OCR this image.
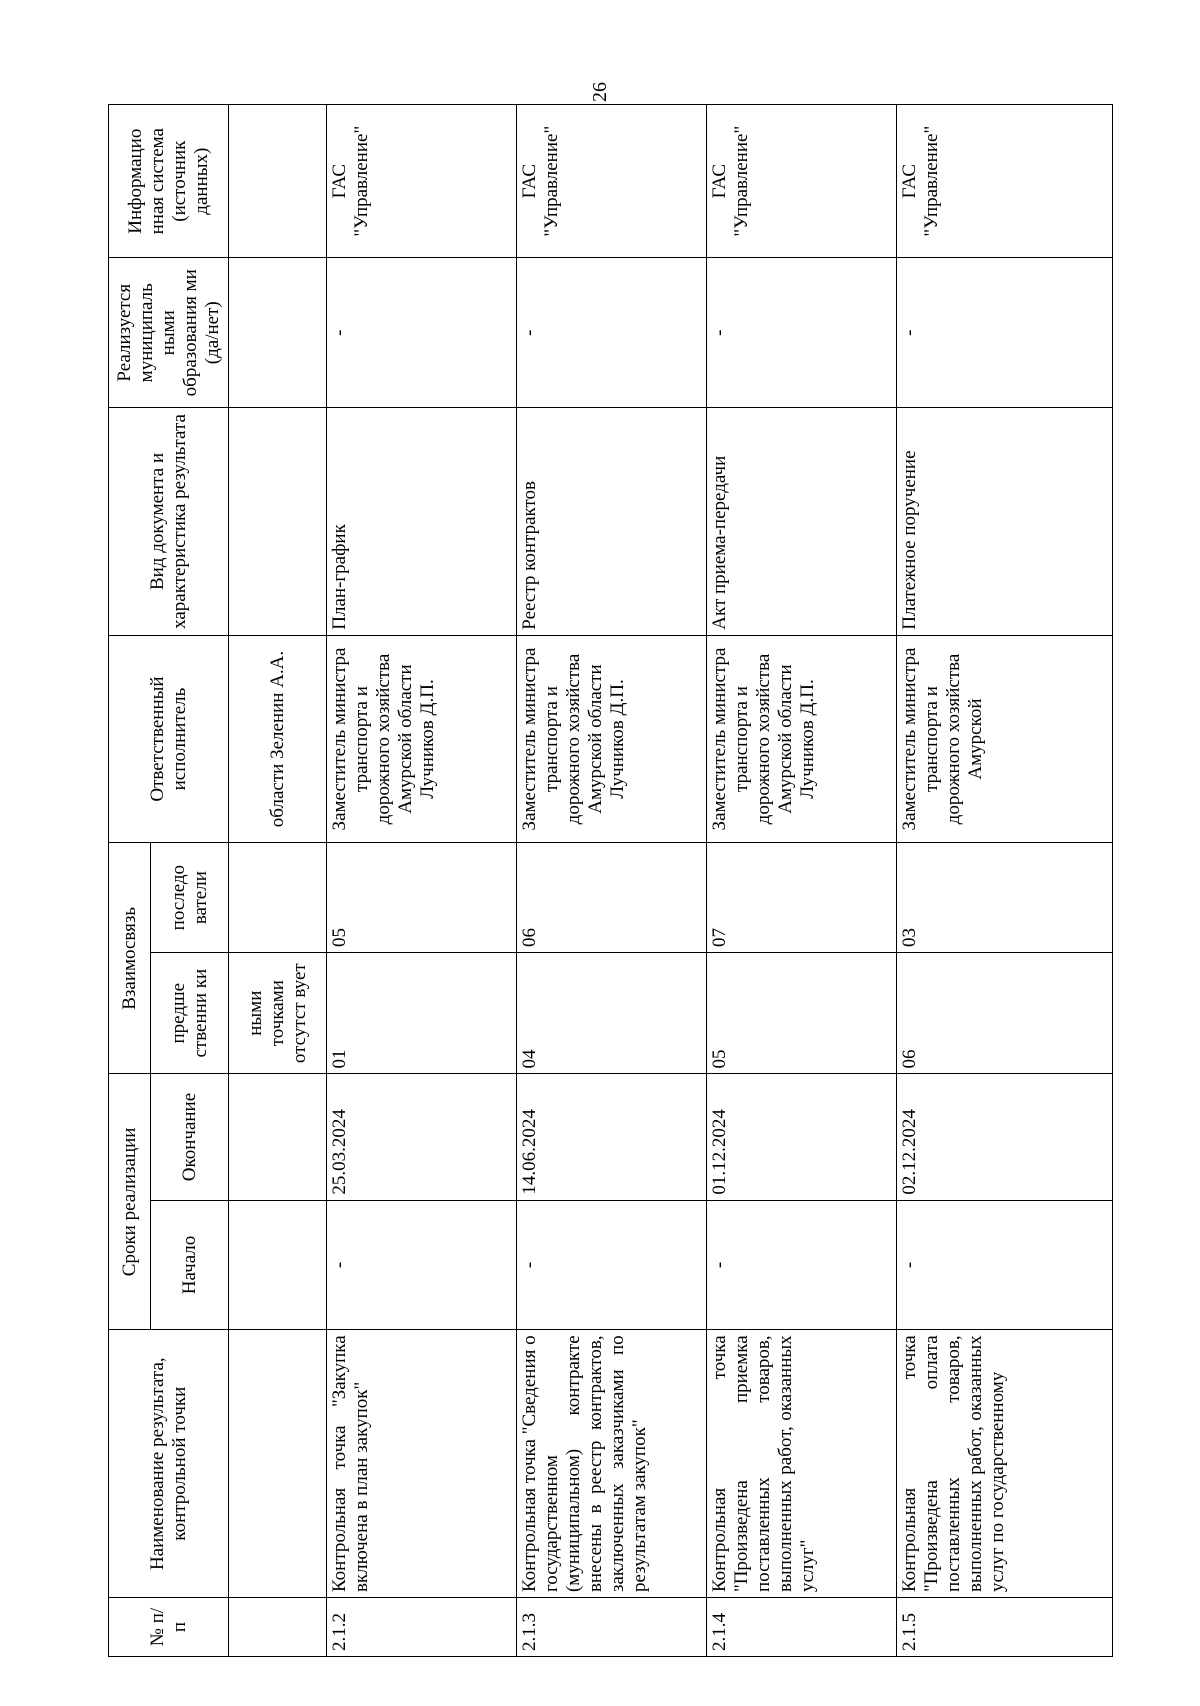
26
№ п/п	Наименование результата, контрольной точки	Сроки реализации		Взаимосвязь		Ответственный исполнитель	Вид документа и характеристика результата	Реализуется муниципаль ными образования ми (да/нет)	Информацио нная система (источник данных)
		Начало	Окончание	предше ственни ки	последо ватели				
				ными точками отсутст вует		области Зеленин А.А.			
2.1.2	Контрольная точка "Закупка включена в план закупок"	-	25.03.2024	01	05	Заместитель министра транспорта и дорожного хозяйства Амурской области Лучников Д.П.	План-график	-	ГАС "Управление"
2.1.3	Контрольная точка "Сведения о государственном (муниципальном) контракте внесены в реестр контрактов, заключенных заказчиками по результатам закупок"	-	14.06.2024	04	06	Заместитель министра транспорта и дорожного хозяйства Амурской области Лучников Д.П.	Реестр контрактов	-	ГАС "Управление"
2.1.4	Контрольная точка "Произведена приемка поставленных товаров, выполненных работ, оказанных услуг"	-	01.12.2024	05	07	Заместитель министра транспорта и дорожного хозяйства Амурской области Лучников Д.П.	Акт приема-передачи	-	ГАС "Управление"
2.1.5	Контрольная точка "Произведена оплата поставленных товаров, выполненных работ, оказанных услуг по государственному	-	02.12.2024	06	03	Заместитель министра транспорта и дорожного хозяйства Амурской	Платежное поручение	-	ГАС "Управление"
